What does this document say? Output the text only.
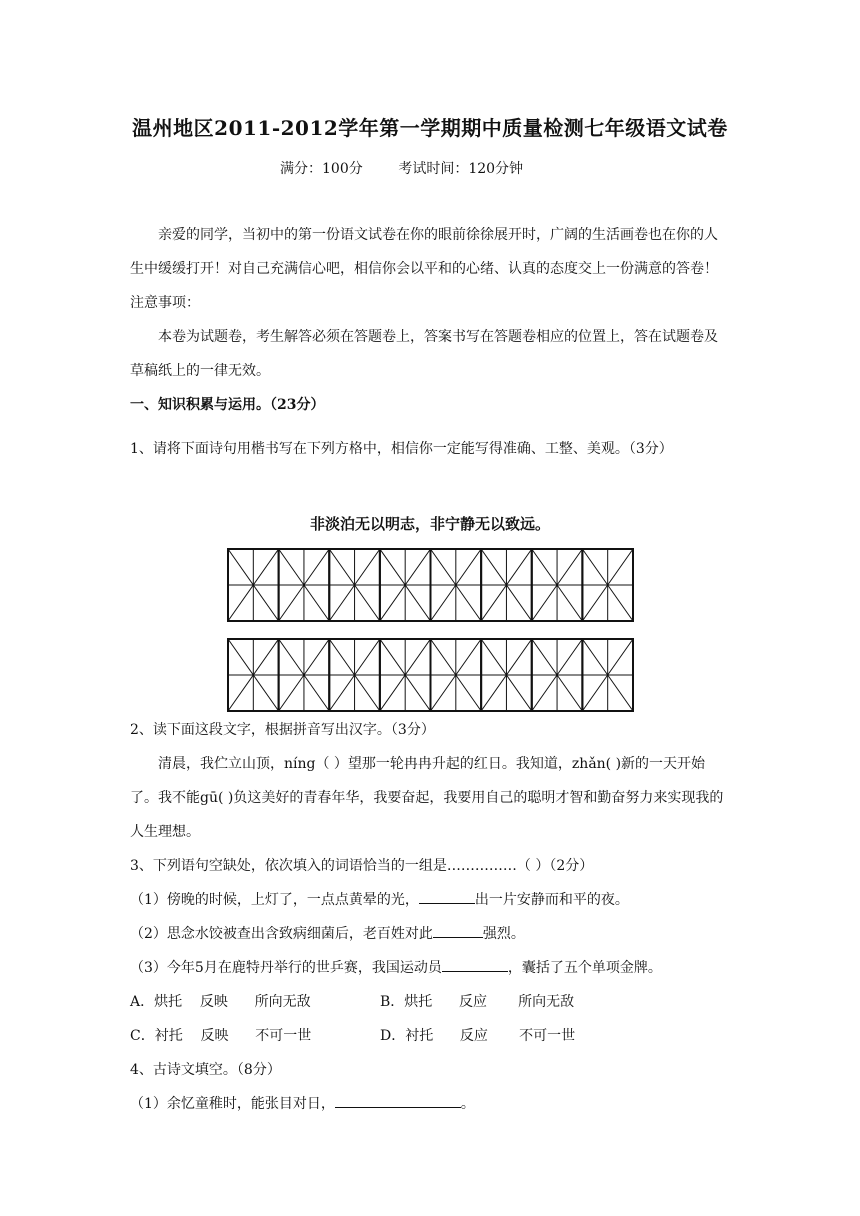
温州地区2011-2012学年第一学期期中质量检测七年级语文试卷
满分：100分        考试时间：120分钟

亲爱的同学，当初中的第一份语文试卷在你的眼前徐徐展开时，广阔的生活画卷也在你的人生中缓缓打开！对自己充满信心吧，相信你会以平和的心绪、认真的态度交上一份满意的答卷！

注意事项：

本卷为试题卷，考生解答必须在答题卷上，答案书写在答题卷相应的位置上，答在试题卷及草稿纸上的一律无效。

一、知识积累与运用。（23分）

1、请将下面诗句用楷书写在下列方格中，相信你一定能写得准确、工整、美观。（3分）

非淡泊无以明志，非宁静无以致远。

2、读下面这段文字，根据拼音写出汉字。（3分）

清晨，我伫立山顶，níng（ ）望那一轮冉冉升起的红日。我知道，zhǎn( )新的一天开始了。我不能gū( )负这美好的青春年华，我要奋起，我要用自己的聪明才智和勤奋努力来实现我的人生理想。

3、下列语句空缺处，依次填入的词语恰当的一组是……………（ ）（2分）

（1）傍晚的时候，上灯了，一点点黄晕的光，	出一片安静而和平的夜。

（2）思念水饺被查出含致病细菌后，老百姓对此	强烈。

（3）今年5月在鹿特丹举行的世乒赛，我国运动员	，囊括了五个单项金牌。

A．烘托    反映      所向无敌	B．烘托      反应       所向无敌

C．衬托    反映      不可一世	D．衬托      反应       不可一世

4、古诗文填空。（8分）

（1）余忆童稚时，能张目对日，	。
